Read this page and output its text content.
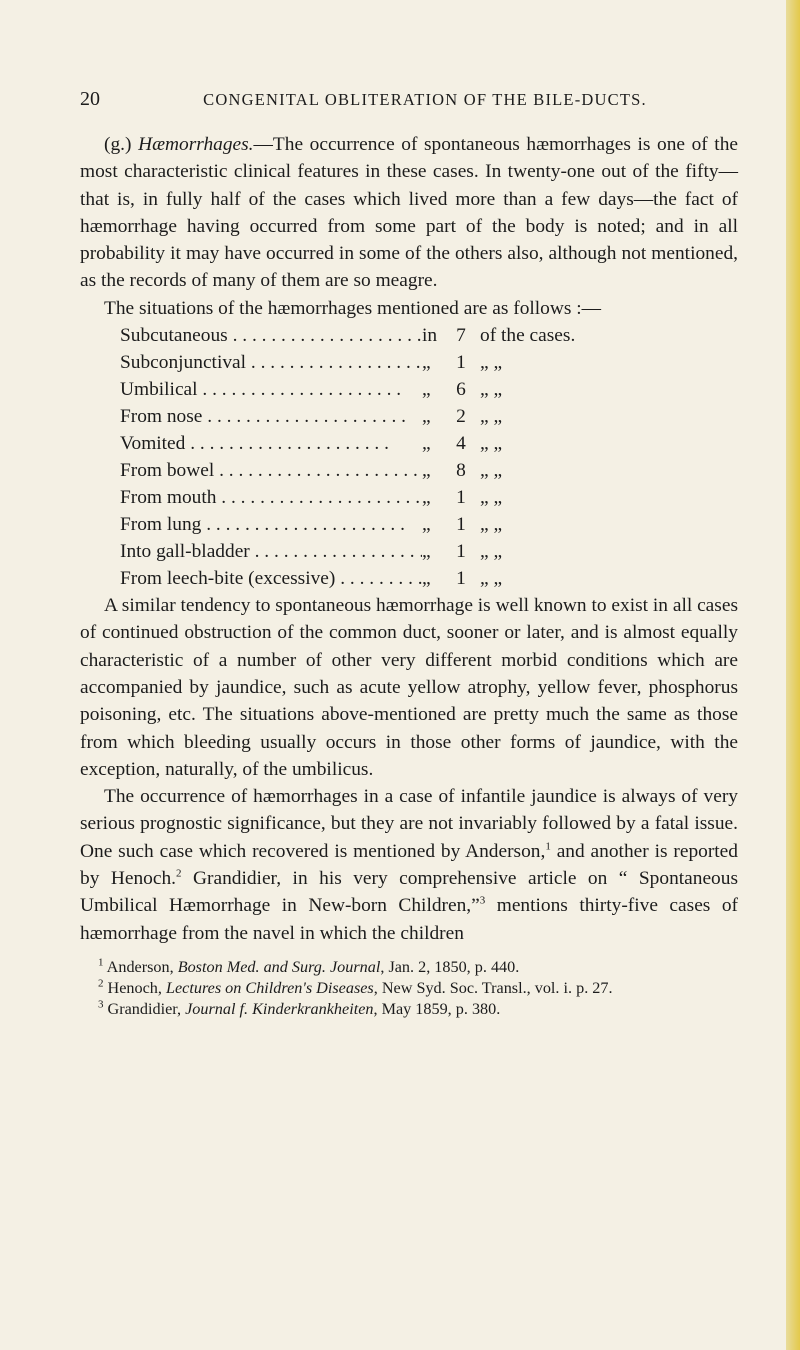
20	CONGENITAL OBLITERATION OF THE BILE-DUCTS.

(g.) Hæmorrhages.—The occurrence of spontaneous hæmorrhages is one of the most characteristic clinical features in these cases. In twenty-one out of the fifty—that is, in fully half of the cases which lived more than a few days—the fact of hæmorrhage having occurred from some part of the body is noted; and in all probability it may have occurred in some of the others also, although not mentioned, as the records of many of them are so meagre.

The situations of the hæmorrhages mentioned are as follows :—

Subcutaneous . . .	in 7 of the cases.
Subconjunctival . . .	„	1 „ „
Umbilical . . .	„	6 „ „
From nose . . .	„	2 „ „
Vomited . . .	„	4 „ „
From bowel . . .	„	8 „ „
From mouth . . .	„	1 „ „
From lung . . .	„	1 „ „
Into gall-bladder . . .	„	1 „ „
From leech-bite (excessive) . . .	„	1 „ „

A similar tendency to spontaneous hæmorrhage is well known to exist in all cases of continued obstruction of the common duct, sooner or later, and is almost equally characteristic of a number of other very different morbid conditions which are accompanied by jaundice, such as acute yellow atrophy, yellow fever, phosphorus poisoning, etc. The situations above-mentioned are pretty much the same as those from which bleeding usually occurs in those other forms of jaundice, with the exception, naturally, of the umbilicus.

The occurrence of hæmorrhages in a case of infantile jaundice is always of very serious prognostic significance, but they are not invariably followed by a fatal issue. One such case which recovered is mentioned by Anderson,$^1$ and another is reported by Henoch.$^2$ Grandidier, in his very comprehensive article on “ Spontaneous Umbilical Hæmorrhage in New-born Children,”$^3$ mentions thirty-five cases of hæmorrhage from the navel in which the children

$^1$ Anderson, Boston Med. and Surg. Journal, Jan. 2, 1850, p. 440.
$^2$ Henoch, Lectures on Children's Diseases, New Syd. Soc. Transl., vol. i. p. 27.
$^3$ Grandidier, Journal f. Kinderkrankheiten, May 1859, p. 380.
